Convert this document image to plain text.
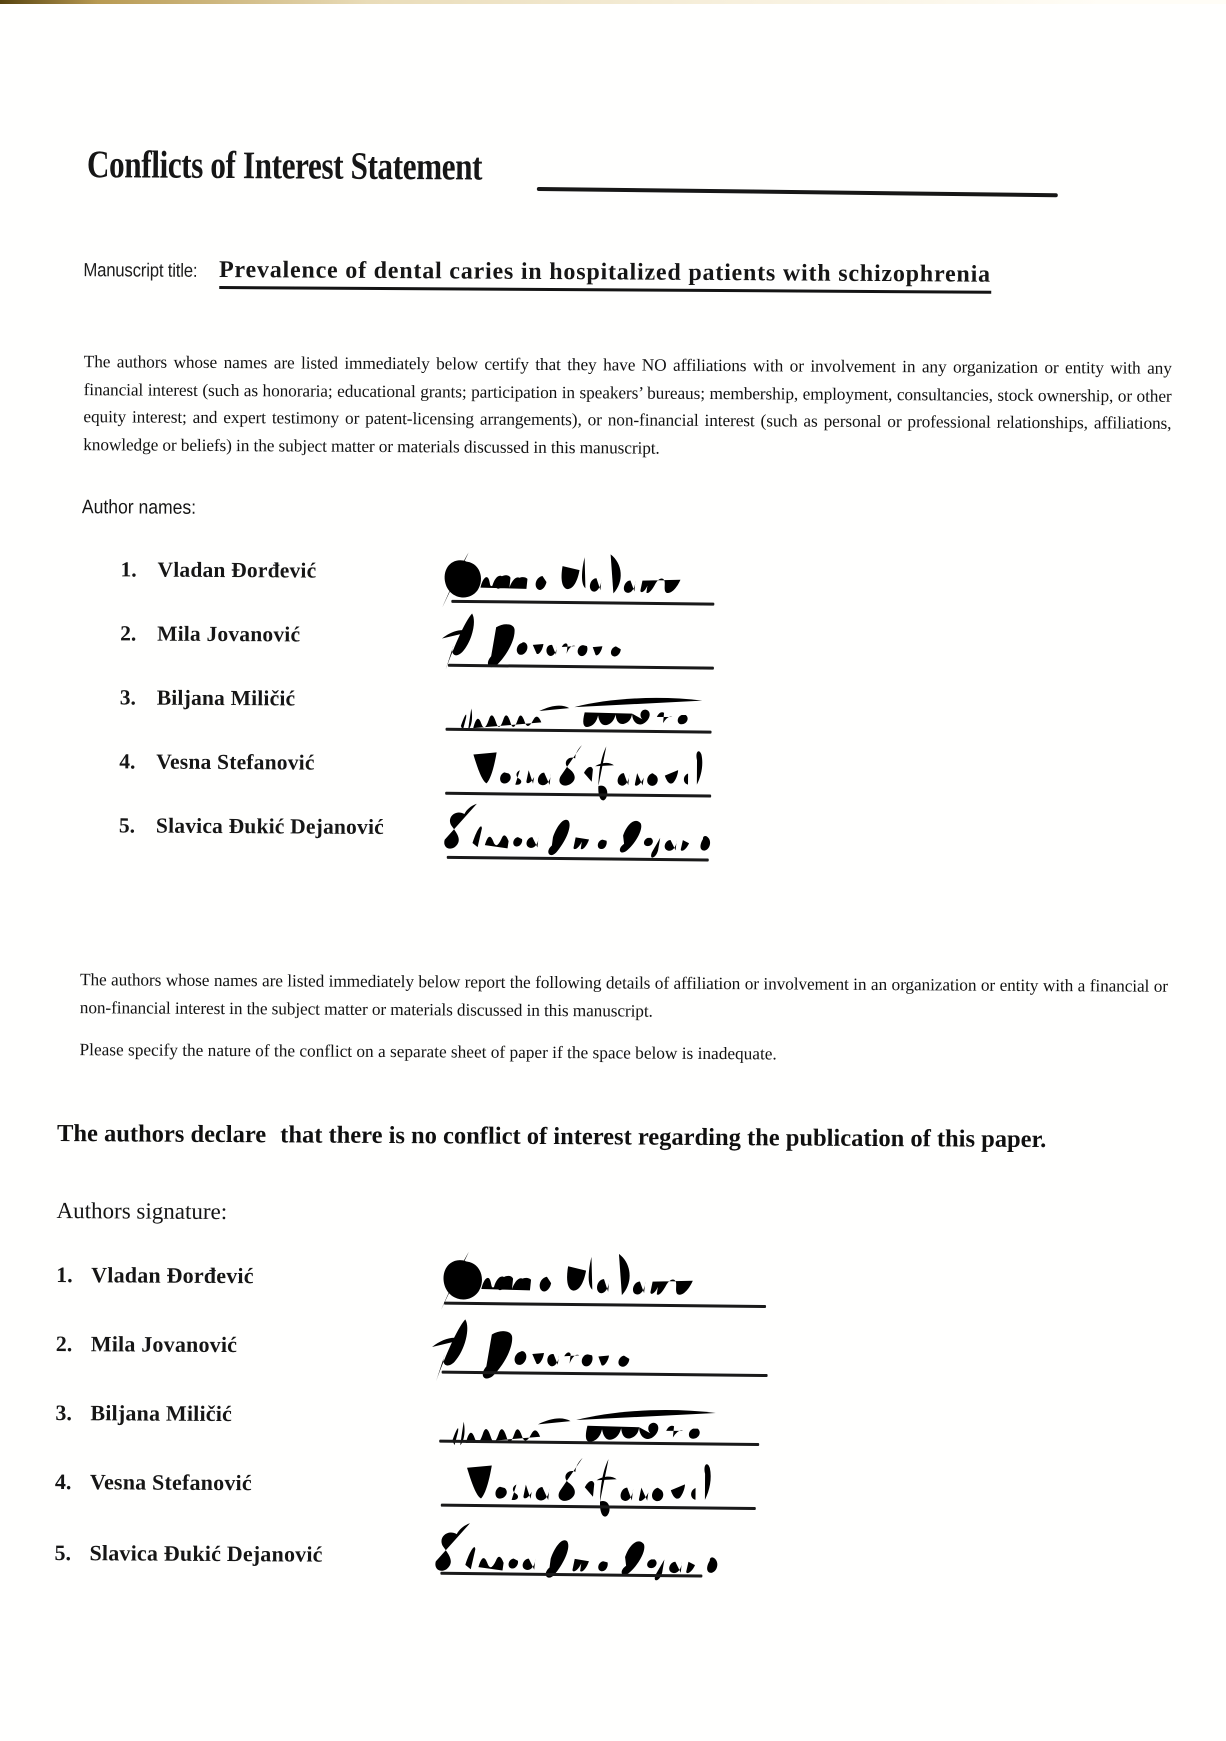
Conflicts of Interest Statement
Manuscript title: Prevalence of dental caries in hospitalized patients with schizophrenia
The authors whose names are listed immediately below certify that they have NO affiliations with or involvement in any organization or entity with any financial interest (such as honoraria; educational grants; participation in speakers’ bureaus; membership, employment, consultancies, stock ownership, or other equity interest; and expert testimony or patent-licensing arrangements), or non-financial interest (such as personal or professional relationships, affiliations, knowledge or beliefs) in the subject matter or materials discussed in this manuscript.
Author names:
1. Vladan Đorđević
2. Mila Jovanović
3. Biljana Miličić
4. Vesna Stefanović
5. Slavica Đukić Dejanović
The authors whose names are listed immediately below report the following details of affiliation or involvement in an organization or entity with a financial or non-financial interest in the subject matter or materials discussed in this manuscript.
Please specify the nature of the conflict on a separate sheet of paper if the space below is inadequate.
The authors declare that there is no conflict of interest regarding the publication of this paper.
Authors signature:
1. Vladan Đorđević
2. Mila Jovanović
3. Biljana Miličić
4. Vesna Stefanović
5. Slavica Đukić Dejanović
